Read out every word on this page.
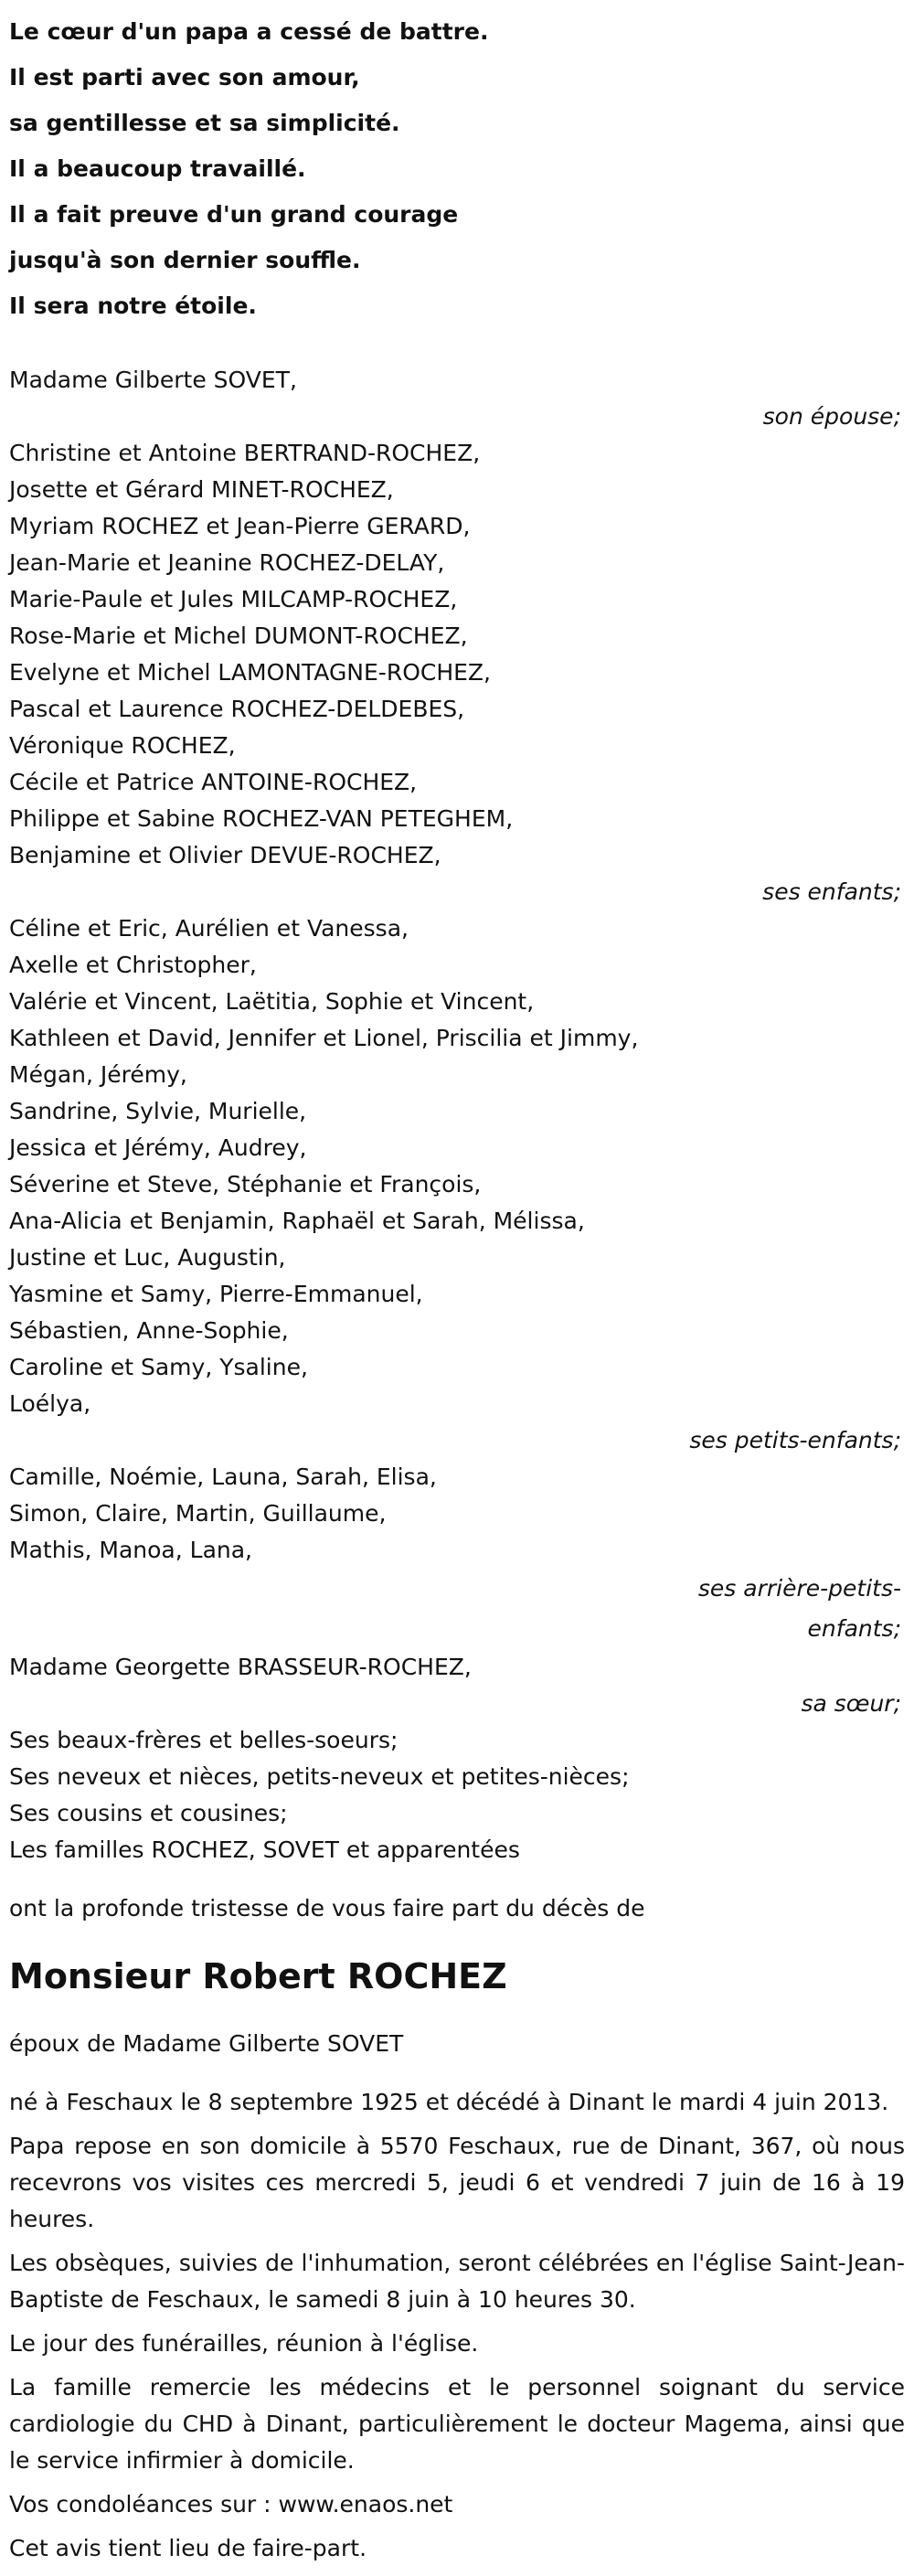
Le cœur d'un papa a cessé de battre.
Il est parti avec son amour,
sa gentillesse et sa simplicité.
Il a beaucoup travaillé.
Il a fait preuve d'un grand courage
jusqu'à son dernier souffle.
Il sera notre étoile.
Madame Gilberte SOVET,
son épouse;
Christine et Antoine BERTRAND-ROCHEZ,
Josette et Gérard MINET-ROCHEZ,
Myriam ROCHEZ et Jean-Pierre GERARD,
Jean-Marie et Jeanine ROCHEZ-DELAY,
Marie-Paule et Jules MILCAMP-ROCHEZ,
Rose-Marie et Michel DUMONT-ROCHEZ,
Evelyne et Michel LAMONTAGNE-ROCHEZ,
Pascal et Laurence ROCHEZ-DELDEBES,
Véronique ROCHEZ,
Cécile et Patrice ANTOINE-ROCHEZ,
Philippe et Sabine ROCHEZ-VAN PETEGHEM,
Benjamine et Olivier DEVUE-ROCHEZ,
ses enfants;
Céline et Eric, Aurélien et Vanessa,
Axelle et Christopher,
Valérie et Vincent, Laëtitia, Sophie et Vincent,
Kathleen et David, Jennifer et Lionel, Priscilia et Jimmy,
Mégan, Jérémy,
Sandrine, Sylvie, Murielle,
Jessica et Jérémy, Audrey,
Séverine et Steve, Stéphanie et François,
Ana-Alicia et Benjamin, Raphaël et Sarah, Mélissa,
Justine et Luc, Augustin,
Yasmine et Samy, Pierre-Emmanuel,
Sébastien, Anne-Sophie,
Caroline et Samy, Ysaline,
Loélya,
ses petits-enfants;
Camille, Noémie, Launa, Sarah, Elisa,
Simon, Claire, Martin, Guillaume,
Mathis, Manoa, Lana,
ses arrière-petits-
enfants;
Madame Georgette BRASSEUR-ROCHEZ,
sa sœur;
Ses beaux-frères et belles-soeurs;
Ses neveux et nièces, petits-neveux et petites-nièces;
Ses cousins et cousines;
Les familles ROCHEZ, SOVET et apparentées
ont la profonde tristesse de vous faire part du décès de
Monsieur Robert ROCHEZ
époux de Madame Gilberte SOVET
né à Feschaux le 8 septembre 1925 et décédé à Dinant le mardi 4 juin 2013.
Papa repose en son domicile à 5570 Feschaux, rue de Dinant, 367, où nous recevrons vos visites ces mercredi 5, jeudi 6 et vendredi 7 juin de 16 à 19 heures.
Les obsèques, suivies de l'inhumation, seront célébrées en l'église Saint-Jean-Baptiste de Feschaux, le samedi 8 juin à 10 heures 30.
Le jour des funérailles, réunion à l'église.
La famille remercie les médecins et le personnel soignant du service cardiologie du CHD à Dinant, particulièrement le docteur Magema, ainsi que le service infirmier à domicile.
Vos condoléances sur : www.enaos.net
Cet avis tient lieu de faire-part.
